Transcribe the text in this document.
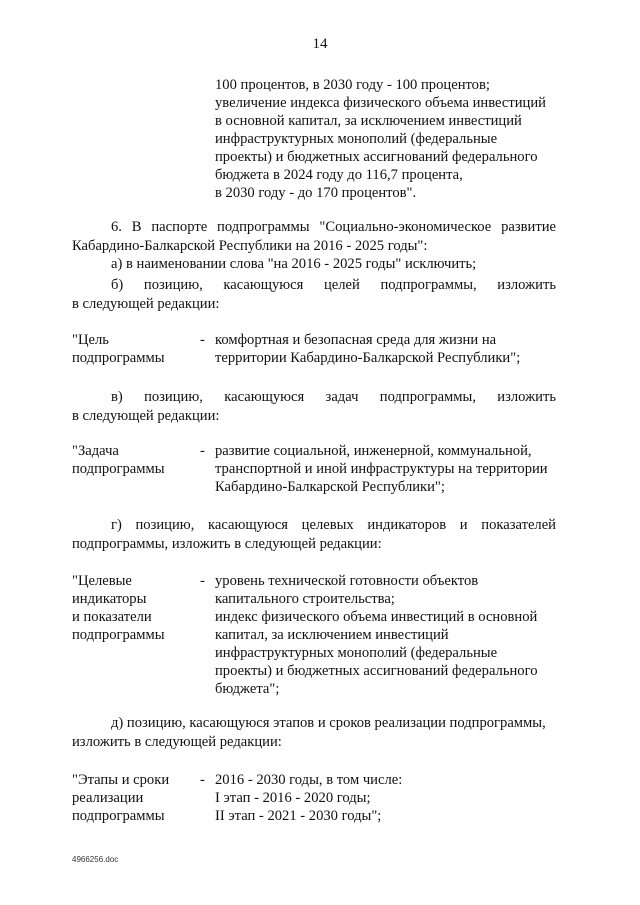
14
100 процентов, в 2030 году - 100 процентов;
увеличение индекса физического объема инвестиций
в основной капитал, за исключением инвестиций
инфраструктурных монополий (федеральные
проекты) и бюджетных ассигнований федерального
бюджета в 2024 году до 116,7 процента,
в 2030 году - до 170 процентов".
6. В паспорте подпрограммы "Социально-экономическое развитие
Кабардино-Балкарской Республики на 2016 - 2025 годы":
а) в наименовании слова "на 2016 - 2025 годы" исключить;
б) позицию, касающуюся целей подпрограммы, изложить
в следующей редакции:
"Цель
подпрограммы
- комфортная и безопасная среда для жизни на
территории Кабардино-Балкарской Республики";
в) позицию, касающуюся задач подпрограммы, изложить
в следующей редакции:
"Задача
подпрограммы
- развитие социальной, инженерной, коммунальной,
транспортной и иной инфраструктуры на территории
Кабардино-Балкарской Республики";
г) позицию, касающуюся целевых индикаторов и показателей
подпрограммы, изложить в следующей редакции:
"Целевые
индикаторы
и показатели
подпрограммы
- уровень технической готовности объектов
капитального строительства;
индекс физического объема инвестиций в основной
капитал, за исключением инвестиций
инфраструктурных монополий (федеральные
проекты) и бюджетных ассигнований федерального
бюджета";
д) позицию, касающуюся этапов и сроков реализации подпрограммы,
изложить в следующей редакции:
"Этапы и сроки
реализации
подпрограммы
- 2016 - 2030 годы, в том числе:
I этап - 2016 - 2020 годы;
II этап - 2021 - 2030 годы";
4966256.doc
